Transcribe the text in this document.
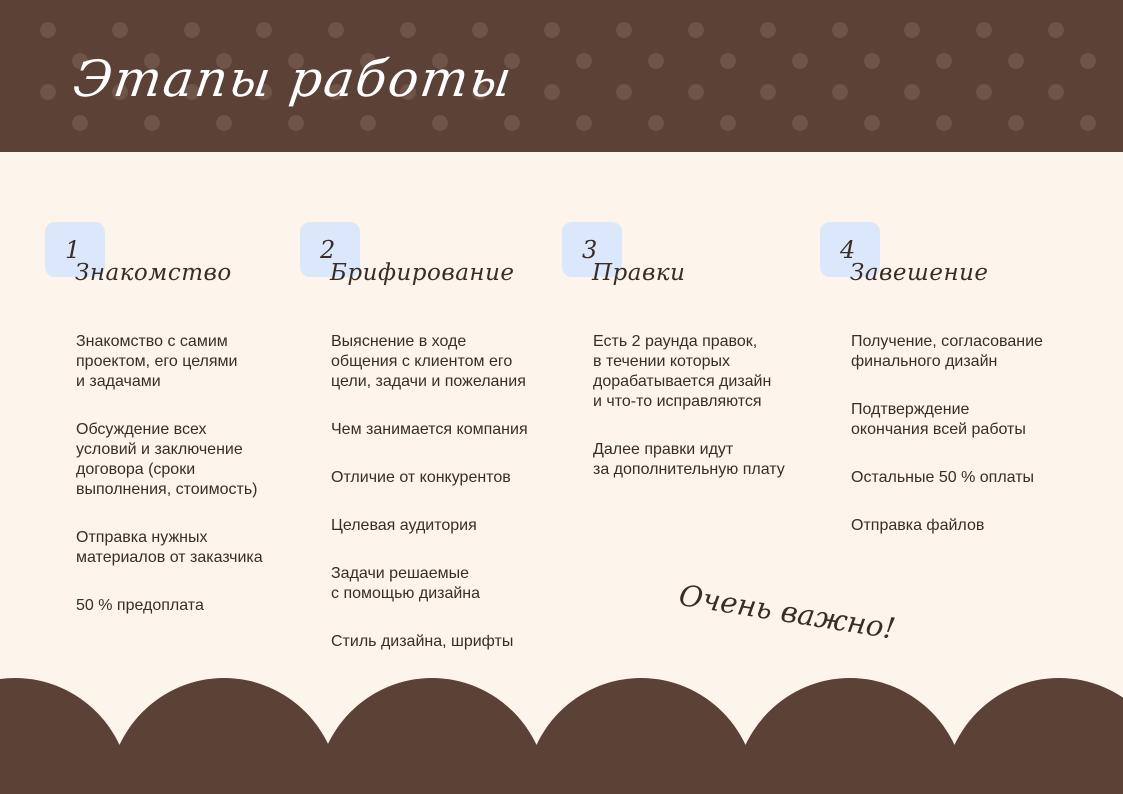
Этапы работы
1
Знакомство
Знакомство с самим
проектом, его целями
и задачами
Обсуждение всех
условий и заключение
договора (сроки
выполнения, стоимость)
Отправка нужных
материалов от заказчика
50 % предоплата
2
Брифирование
Выяснение в ходе
общения с клиентом его
цели, задачи и пожелания
Чем занимается компания
Отличие от конкурентов
Целевая аудитория
Задачи решаемые
с помощью дизайна
Стиль дизайна, шрифты
3
Правки
Есть 2 раунда правок,
в течении которых
дорабатывается дизайн
и что-то исправляются
Далее правки идут
за дополнительную плату
4
Завешение
Получение, согласование
финального дизайн
Подтверждение
окончания всей работы
Остальные 50 % оплаты
Отправка файлов
Очень важно!
